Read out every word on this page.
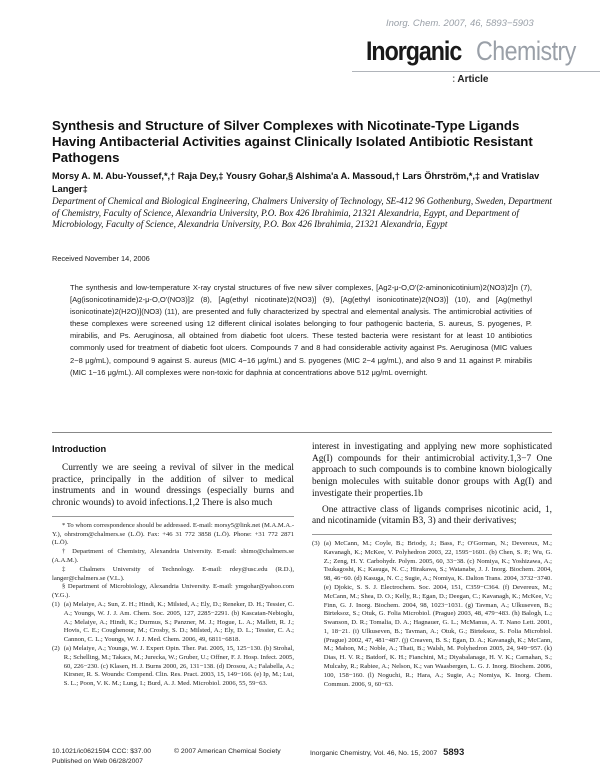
Inorg. Chem. 2007, 46, 5893−5903
Inorganic Chemistry
: Article
Synthesis and Structure of Silver Complexes with Nicotinate-Type Ligands Having Antibacterial Activities against Clinically Isolated Antibiotic Resistant Pathogens
Morsy A. M. Abu-Youssef,*,† Raja Dey,‡ Yousry Gohar,§ Alshima'a A. Massoud,† Lars Öhrström,*,‡ and Vratislav Langer‡
Department of Chemical and Biological Engineering, Chalmers University of Technology, SE-412 96 Gothenburg, Sweden, Department of Chemistry, Faculty of Science, Alexandria University, P.O. Box 426 Ibrahimia, 21321 Alexandria, Egypt, and Department of Microbiology, Faculty of Science, Alexandria University, P.O. Box 426 Ibrahimia, 21321 Alexandria, Egypt
Received November 14, 2006
The synthesis and low-temperature X-ray crystal structures of five new silver complexes, [Ag2-μ-O,O'(2-aminonicotinium)2(NO3)2]n (7), [Ag(isonicotinamide)2-μ-O,O'(NO3)]2 (8), [Ag(ethyl nicotinate)2(NO3)] (9), [Ag(ethyl isonicotinate)2(NO3)] (10), and [Ag(methyl isonicotinate)2(H2O)](NO3) (11), are presented and fully characterized by spectral and elemental analysis. The antimicrobial activities of these complexes were screened using 12 different clinical isolates belonging to four pathogenic bacteria, S. aureus, S. pyogenes, P. mirabilis, and Ps. Aeruginosa, all obtained from diabetic foot ulcers. These tested bacteria were resistant for at least 10 antibiotics commonly used for treatment of diabetic foot ulcers. Compounds 7 and 8 had considerable activity against Ps. Aeruginosa (MIC values 2−8 μg/mL), compound 9 against S. aureus (MIC 4−16 μg/mL) and S. pyogenes (MIC 2−4 μg/mL), and also 9 and 11 against P. mirabilis (MIC 1−16 μg/mL). All complexes were non-toxic for daphnia at concentrations above 512 μg/mL overnight.
Introduction

Currently we are seeing a revival of silver in the medical practice, principally in the addition of silver to medical instruments and in wound dressings (especially burns and chronic wounds) to avoid infections.1,2 There is also much

* To whom correspondence should be addressed. E-mail: morsy5@link.net (M.A.M.A.-Y.), ohrstrom@chalmers.se (L.Ö). Fax: +46 31 772 3858 (L.Ö). Phone: +31 772 2871 (L.Ö).

† Department of Chemistry, Alexandria University. E-mail: shimo@chalmers.se (A.A.M.).

‡ Chalmers University of Technology. E-mail: rdey@usc.edu (R.D.), langer@chalmers.se (V.L.).

§ Department of Microbiology, Alexandria University. E-mail: ymgohar@yahoo.com (Y.G.).

(1) (a) Melaiye, A.; Sun, Z. H.; Hindi, K.; Milsted, A.; Ely, D.; Reneker, D. H.; Tessier, C. A.; Youngs, W. J. J. Am. Chem. Soc. 2005, 127, 2285−2291. (b) Kascatan-Nebioglu, A.; Melaiye, A.; Hindi, K.; Durmus, S.; Panzner, M. J.; Hogue, L. A.; Mallett, R. J.; Hovis, C. E.; Coughenour, M.; Crosby, S. D.; Milsted, A.; Ely, D. L.; Tessier, C. A.; Cannon, C. L.; Youngs, W. J. J. Med. Chem. 2006, 49, 6811−6818.
(2) (a) Melaiye, A.; Youngs, W. J. Expert Opin. Ther. Pat. 2005, 15, 125−130. (b) Strohal, R.; Schelling, M.; Takacs, M.; Jurecka, W.; Gruber, U.; Offner, F. J. Hosp. Infect. 2005, 60, 226−230. (c) Klasen, H. J. Burns 2000, 26, 131−138. (d) Drosou, A.; Falabella, A.; Kirsner, R. S. Wounds: Compend. Clin. Res. Pract. 2003, 15, 149−166. (e) Ip, M.; Lui, S. L.; Poon, V. K. M.; Lung, I.; Burd, A. J. Med. Microbiol. 2006, 55, 59−63.

interest in investigating and applying new more sophisticated Ag(I) compounds for their antimicrobial activity.1,3−7 One approach to such compounds is to combine known biologically benign molecules with suitable donor groups with Ag(I) and investigate their properties.1b

One attractive class of ligands comprises nicotinic acid, 1, and nicotinamide (vitamin B3, 3) and their derivatives;

(3) (a) McCann, M.; Coyle, B.; Briody, J.; Bass, F.; O'Gorman, N.; Devereux, M.; Kavanagh, K.; McKee, V. Polyhedron 2003, 22, 1595−1601. (b) Chen, S. P.; Wu, G. Z.; Zeng, H. Y. Carbohydr. Polym. 2005, 60, 33−38. (c) Nomiya, K.; Yoshizawa, A.; Tsukagoshi, K.; Kasuga, N. C.; Hirakawa, S.; Watanabe, J. J. Inorg. Biochem. 2004, 98, 46−60. (d) Kasuga, N. C.; Sugie, A.; Nomiya, K. Dalton Trans. 2004, 3732−3740. (e) Djokic, S. S. J. Electrochem. Soc. 2004, 151, C359−C364. (f) Devereux, M.; McCann, M.; Shea, D. O.; Kelly, R.; Egan, D.; Deegan, C.; Kavanagh, K.; McKee, V.; Finn, G. J. Inorg. Biochem. 2004, 98, 1023−1031. (g) Tavman, A.; Ulkuseven, B.; Birteksoz, S.; Otuk, G. Folia Microbiol. (Prague) 2003, 48, 479−483. (h) Balogh, L.; Swanson, D. R.; Tomalia, D. A.; Hagnauer, G. L.; McManus, A. T. Nano Lett. 2001, 1, 18−21. (i) Ulkuseven, B.; Tavman, A.; Otuk, G.; Birteksoz, S. Folia Microbiol. (Prague) 2002, 47, 481−487. (j) Creaven, B. S.; Egan, D. A.; Kavanagh, K.; McCann, M.; Mahon, M.; Noble, A.; Thati, B.; Walsh, M. Polyhedron 2005, 24, 949−957. (k) Dias, H. V. R.; Batdorf, K. H.; Fianchini, M.; Diyabalanage, H. V. K.; Carnahan, S.; Mulcahy, R.; Rabiee, A.; Nelson, K.; van Waasbergen, L. G. J. Inorg. Biochem. 2006, 100, 158−160. (l) Noguchi, R.; Hara, A.; Sugie, A.; Nomiya, K. Inorg. Chem. Commun. 2006, 9, 60−63.
10.1021/ic0621594 CCC: $37.00
Published on Web 06/28/2007
© 2007 American Chemical Society	Inorganic Chemistry, Vol. 46, No. 15, 2007 5893
